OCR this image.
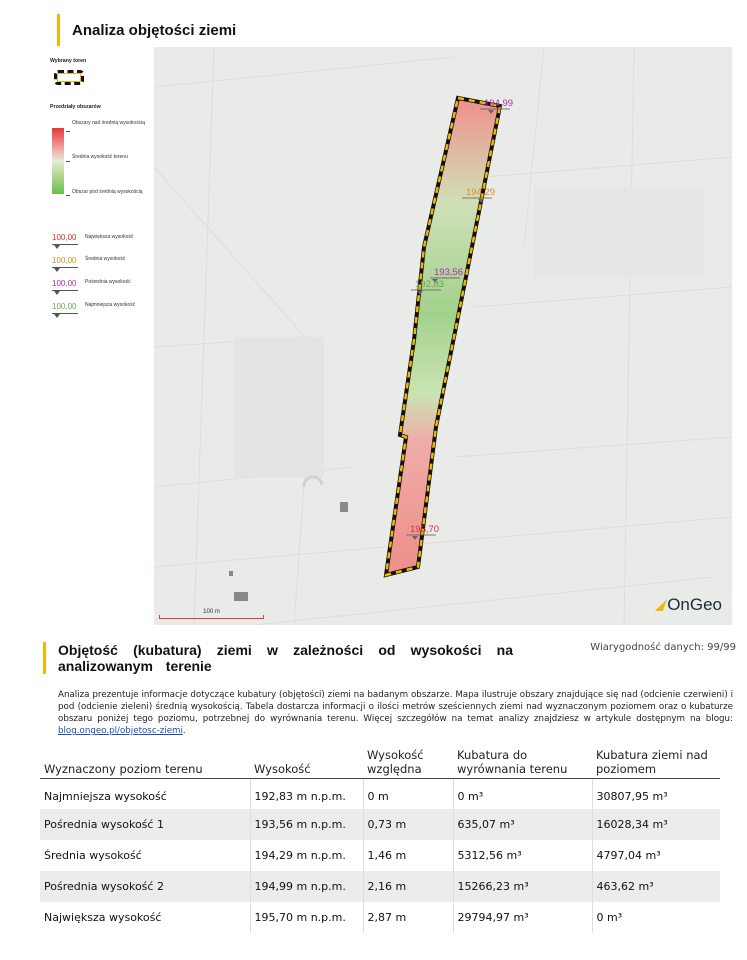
Analiza objętości ziemi
Wybrany toren
Przedziały obszarów
Obszary nad średnią wysokością
Średnia wysokość terenu
Obszar pod średnią wysokością
100,00 Największa wysokość
100,00 Średnia wysokość
100,00 Pośrednia wysokość
100,00 Najmniejsza wysokość
194,99
194,29
193,56
192,83
195,70
100 m	OnGeo
Objętość (kubatura) ziemi w zależności od wysokości na analizowanym terenie
Wiarygodność danych: 99/99

Analiza prezentuje informacje dotyczące kubatury (objętości) ziemi na badanym obszarze. Mapa ilustruje obszary znajdujące się nad (odcienie czerwieni) i pod (odcienie zieleni) średnią wysokością. Tabela dostarcza informacji o ilości metrów sześciennych ziemi nad wyznaczonym poziomem oraz o kubaturze obszaru poniżej tego poziomu, potrzebnej do wyrównania terenu. Więcej szczegółów na temat analizy znajdziesz w artykule dostępnym na blogu: blog.ongeo.pl/objetosc-ziemi.

Wyznaczony poziom terenu	Wysokość	Wysokość względna	Kubatura do wyrównania terenu	Kubatura ziemi nad poziomem
Najmniejsza wysokość	192,83 m n.p.m.	0 m	0 m³	30807,95 m³
Pośrednia wysokość 1	193,56 m n.p.m.	0,73 m	635,07 m³	16028,34 m³
Średnia wysokość	194,29 m n.p.m.	1,46 m	5312,56 m³	4797,04 m³
Pośrednia wysokość 2	194,99 m n.p.m.	2,16 m	15266,23 m³	463,62 m³
Największa wysokość	195,70 m n.p.m.	2,87 m	29794,97 m³	0 m³
